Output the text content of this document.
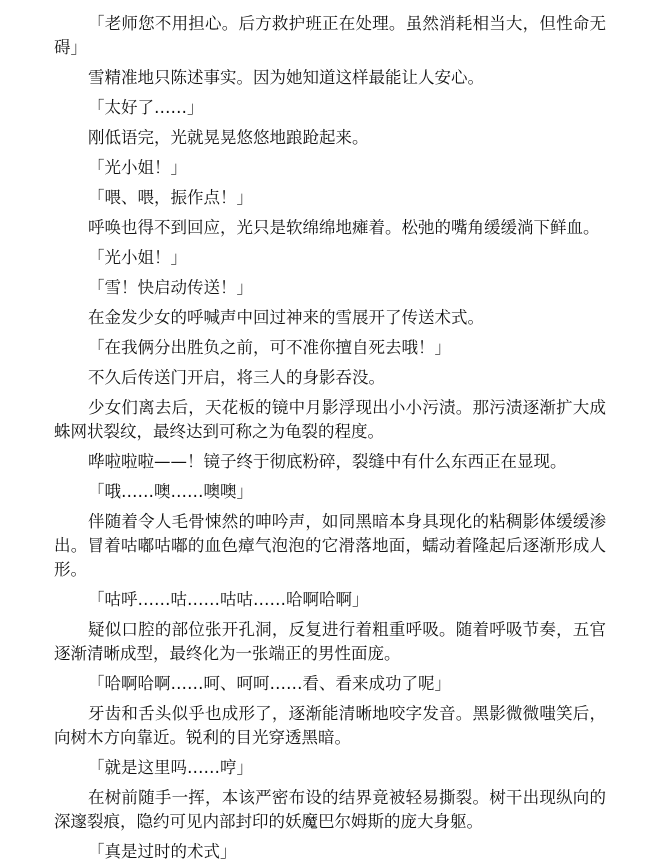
「老师您不用担心。后方救护班正在处理。虽然消耗相当大，但性命无碍」

雪精准地只陈述事实。因为她知道这样最能让人安心。

「太好了……」

刚低语完，光就晃晃悠悠地踉跄起来。

「光小姐！」

「喂、喂，振作点！」

呼唤也得不到回应，光只是软绵绵地瘫着。松弛的嘴角缓缓淌下鲜血。

「光小姐！」

「雪！快启动传送！」

在金发少女的呼喊声中回过神来的雪展开了传送术式。

「在我俩分出胜负之前，可不准你擅自死去哦！」

不久后传送门开启，将三人的身影吞没。

少女们离去后，天花板的镜中月影浮现出小小污渍。那污渍逐渐扩大成蛛网状裂纹，最终达到可称之为龟裂的程度。

哗啦啦啦——！镜子终于彻底粉碎，裂缝中有什么东西正在显现。

「哦……噢……噢噢」

伴随着令人毛骨悚然的呻吟声，如同黑暗本身具现化的粘稠影体缓缓渗出。冒着咕嘟咕嘟的血色瘴气泡泡的它滑落地面，蠕动着隆起后逐渐形成人形。

「咕呼……咕……咕咕……哈啊哈啊」

疑似口腔的部位张开孔洞，反复进行着粗重呼吸。随着呼吸节奏，五官逐渐清晰成型，最终化为一张端正的男性面庞。

「哈啊哈啊……呵、呵呵……看、看来成功了呢」

牙齿和舌头似乎也成形了，逐渐能清晰地咬字发音。黑影微微嗤笑后，向树木方向靠近。锐利的目光穿透黑暗。

「就是这里吗……哼」

在树前随手一挥，本该严密布设的结界竟被轻易撕裂。树干出现纵向的深邃裂痕，隐约可见内部封印的妖魔巴尔姆斯的庞大身躯。

「真是过时的术式」
